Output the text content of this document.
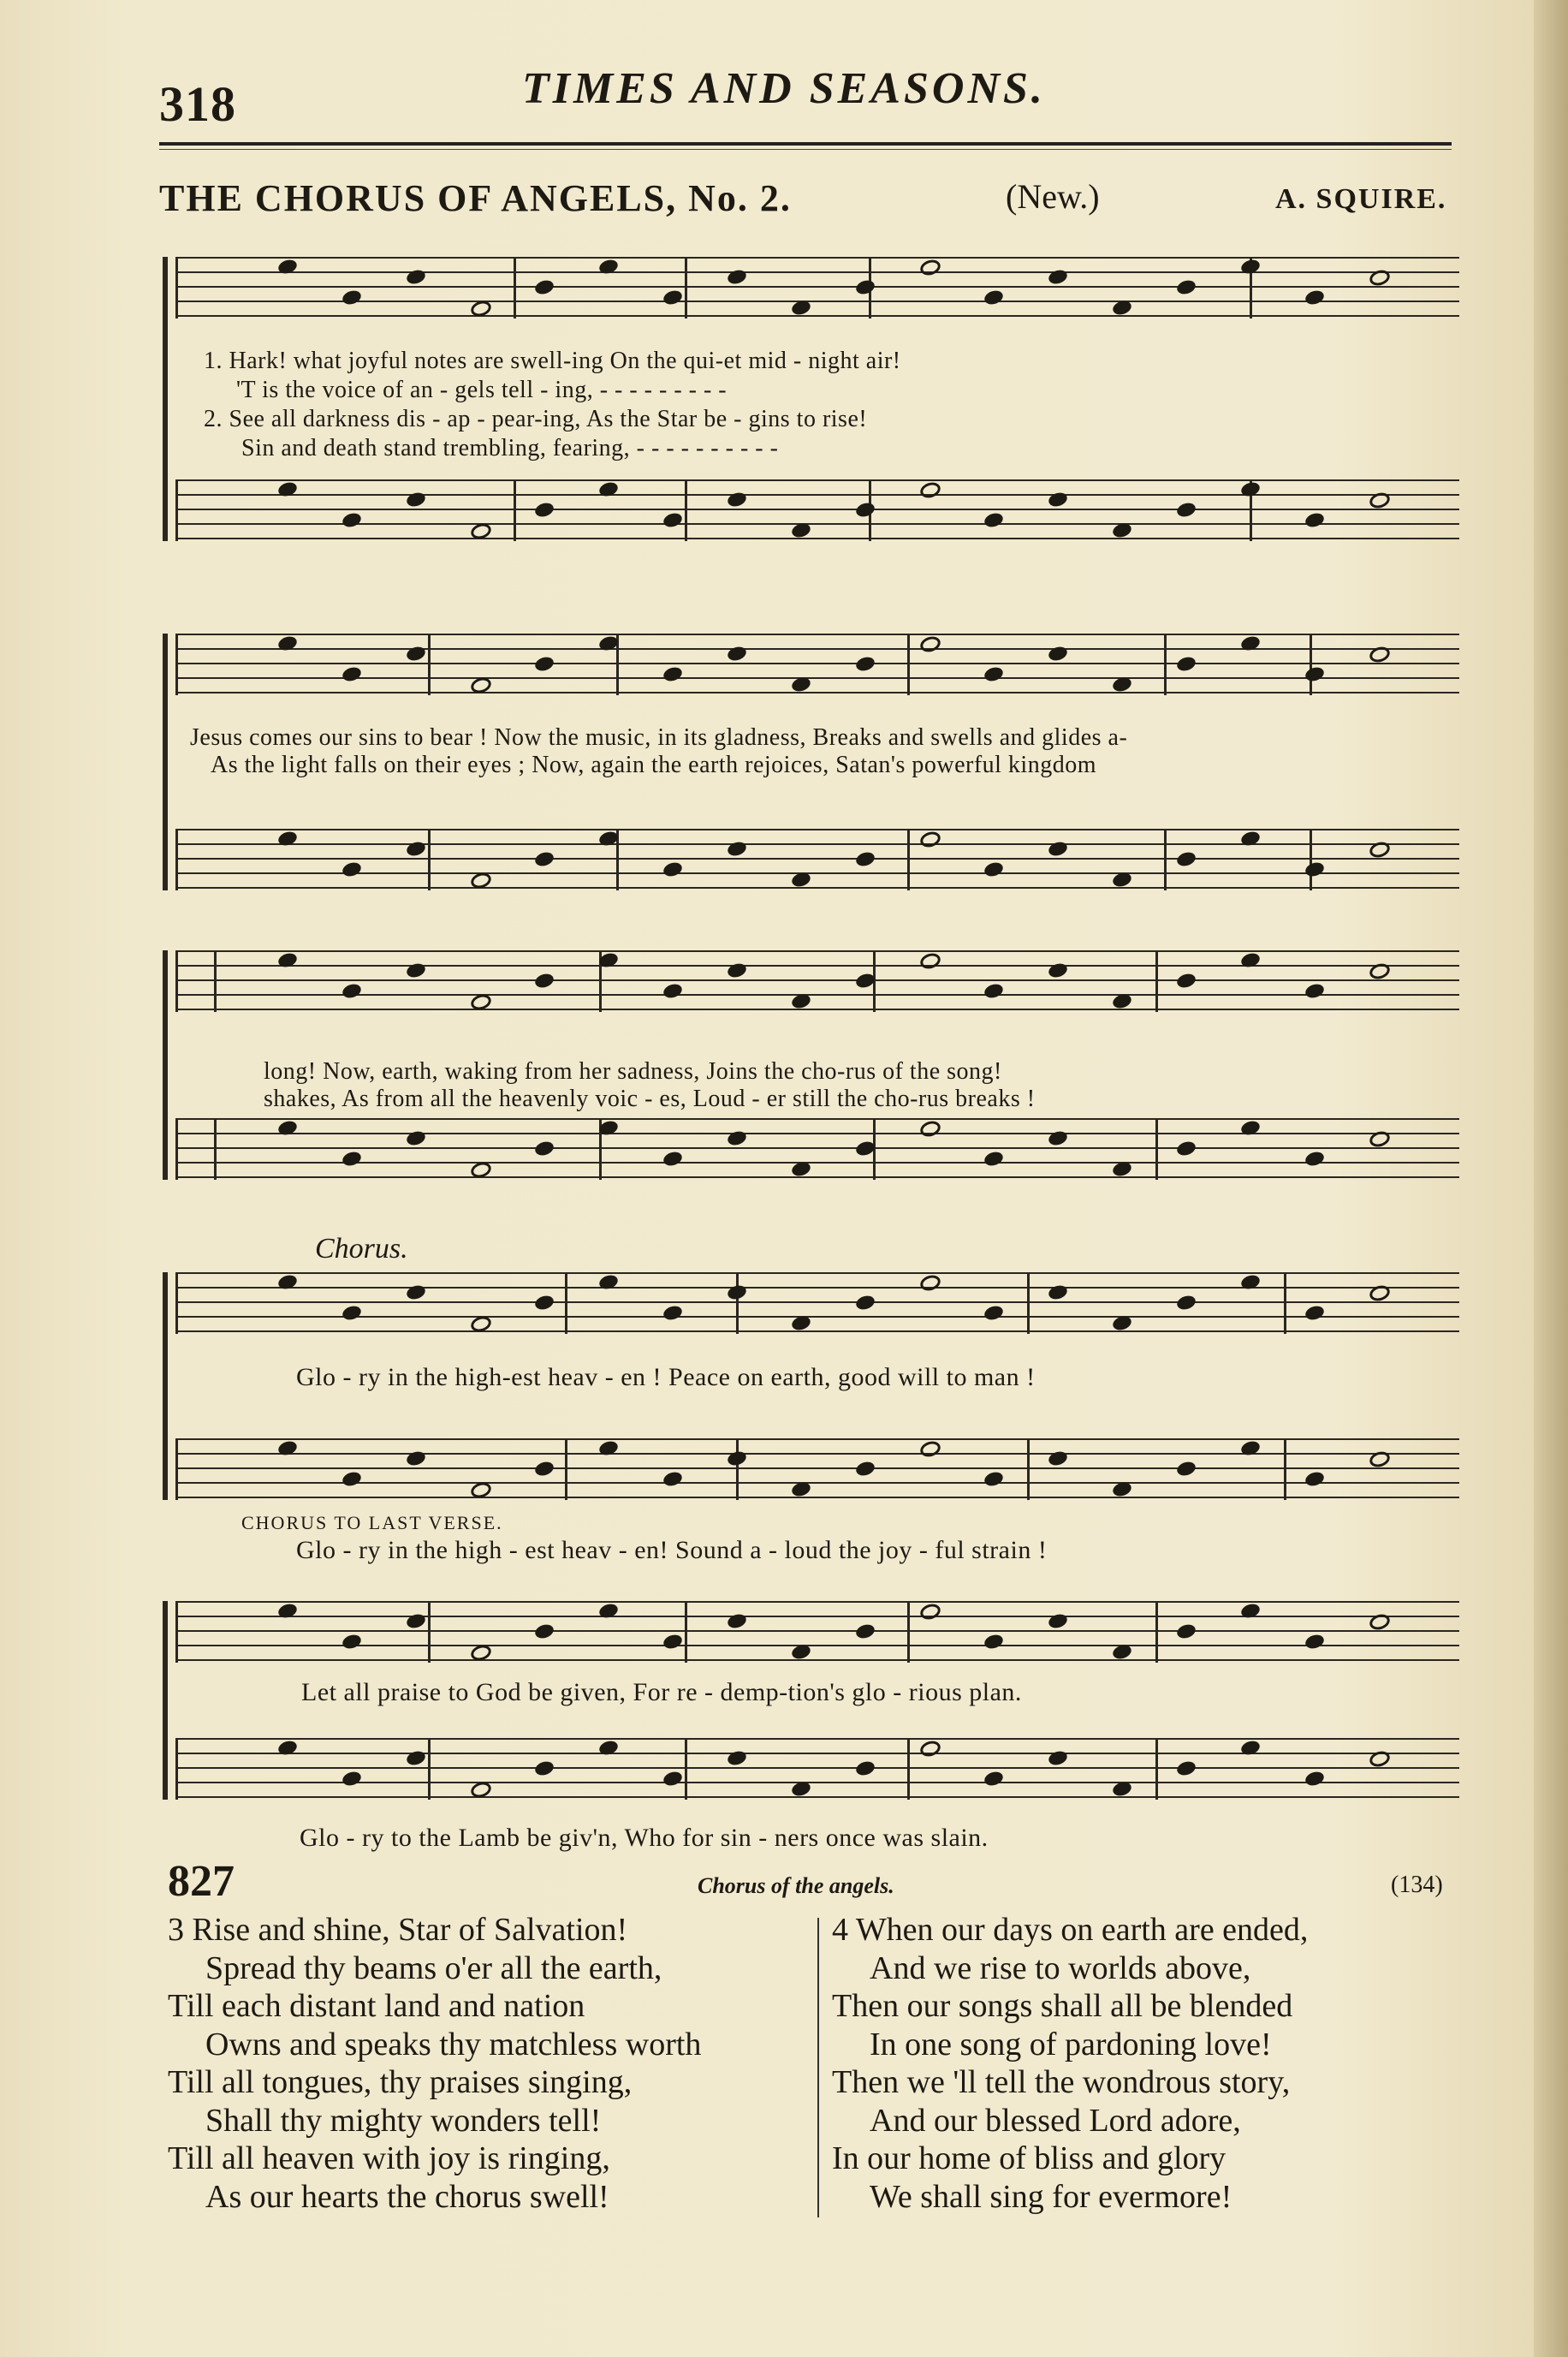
318	TIMES AND SEASONS.
THE CHORUS OF ANGELS, No. 2.	(New.)	A. SQUIRE.
1. Hark! what joyful notes are swell-ing On the qui-et mid - night air!
'T is the voice of an - gels tell - ing, - - - - - - - - -
2. See all darkness dis - ap - pear-ing, As the Star be - gins to rise!
Sin and death stand trembling, fearing, - - - - - - - - - -
Jesus comes our sins to bear ! Now the music, in its gladness, Breaks and swells and glides a-
As the light falls on their eyes ; Now, again the earth rejoices, Satan's powerful kingdom
long! Now, earth, waking from her sadness, Joins the cho-rus of the song!
shakes, As from all the heavenly voic - es, Loud - er still the cho-rus breaks !
Chorus.
Glo - ry in the high-est heav - en ! Peace on earth, good will to man !
CHORUS TO LAST VERSE.
Glo - ry in the high - est heav - en! Sound a - loud the joy - ful strain !
Let all praise to God be given, For re - demp-tion's glo - rious plan.
Glo - ry to the Lamb be giv'n, Who for sin - ners once was slain.
827	Chorus of the angels.	(134)
3 Rise and shine, Star of Salvation!
Spread thy beams o'er all the earth,
Till each distant land and nation
Owns and speaks thy matchless worth
Till all tongues, thy praises singing,
Shall thy mighty wonders tell!
Till all heaven with joy is ringing,
As our hearts the chorus swell!
4 When our days on earth are ended,
And we rise to worlds above,
Then our songs shall all be blended
In one song of pardoning love!
Then we 'll tell the wondrous story,
And our blessed Lord adore,
In our home of bliss and glory
We shall sing for evermore!
